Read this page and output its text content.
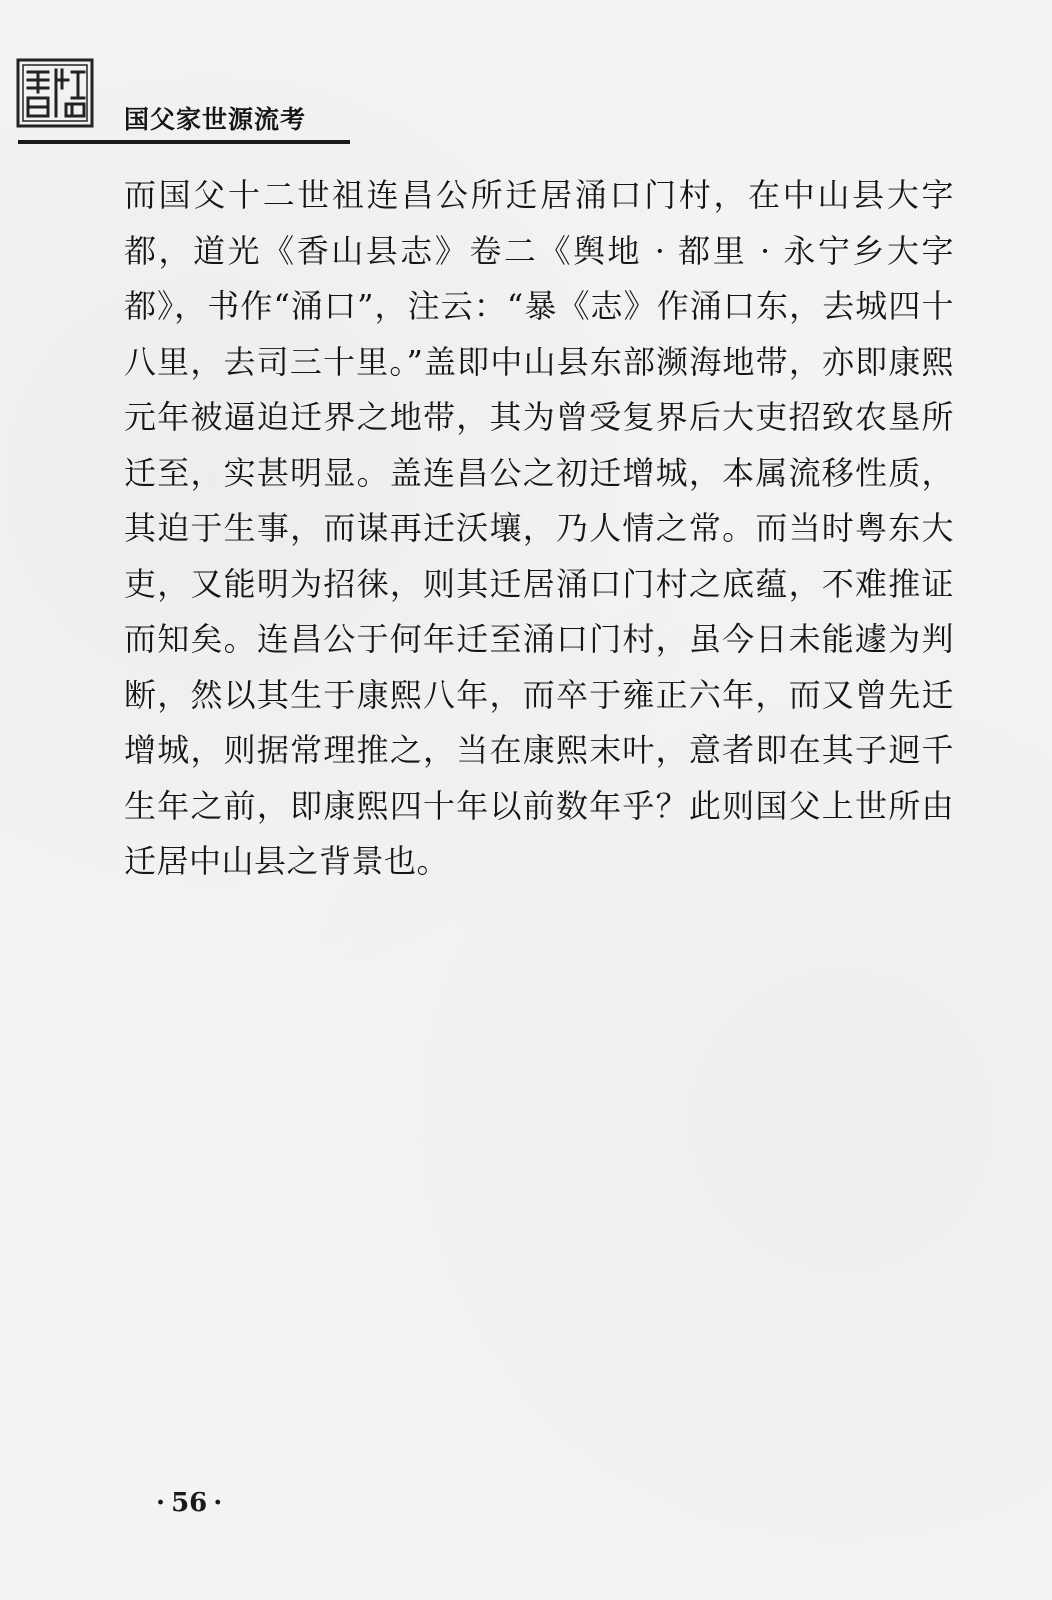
国父家世源流考

而国父十二世祖连昌公所迁居涌口门村，在中山县大字都，道光《香山县志》卷二《舆地 · 都里 · 永宁乡大字都》，书作“涌口”，注云：“暴《志》作涌口东，去城四十八里，去司三十里。”盖即中山县东部濒海地带，亦即康熙元年被逼迫迁界之地带，其为曾受复界后大吏招致农垦所迁至，实甚明显。盖连昌公之初迁增城，本属流移性质，其迫于生事，而谋再迁沃壤，乃人情之常。而当时粤东大吏，又能明为招徕，则其迁居涌口门村之底蕴，不难推证而知矣。连昌公于何年迁至涌口门村，虽今日未能遽为判断，然以其生于康熙八年，而卒于雍正六年，而又曾先迁增城，则据常理推之，当在康熙末叶，意者即在其子迥千生年之前，即康熙四十年以前数年乎？此则国父上世所由迁居中山县之背景也。

· 56 ·
